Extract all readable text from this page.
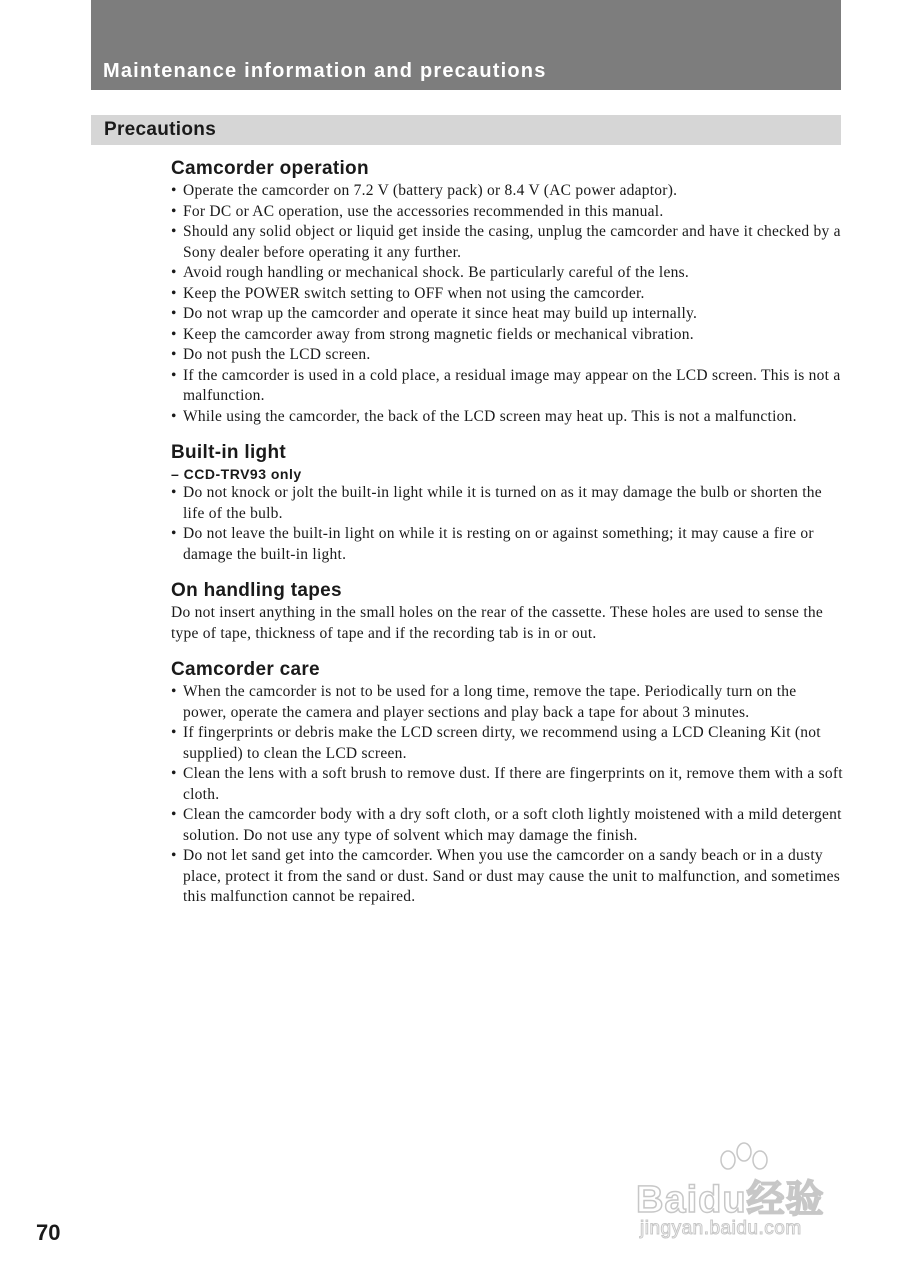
Maintenance information and precautions
Precautions
Camcorder operation
• Operate the camcorder on 7.2 V (battery pack) or 8.4 V (AC power adaptor).
• For DC or AC operation, use the accessories recommended in this manual.
• Should any solid object or liquid get inside the casing, unplug the camcorder and have it checked by a Sony dealer before operating it any further.
• Avoid rough handling or mechanical shock. Be particularly careful of the lens.
• Keep the POWER switch setting to OFF when not using the camcorder.
• Do not wrap up the camcorder and operate it since heat may build up internally.
• Keep the camcorder away from strong magnetic fields or mechanical vibration.
• Do not push the LCD screen.
• If the camcorder is used in a cold place, a residual image may appear on the LCD screen. This is not a malfunction.
• While using the camcorder, the back of the LCD screen may heat up. This is not a malfunction.
Built-in light
– CCD-TRV93 only
• Do not knock or jolt the built-in light while it is turned on as it may damage the bulb or shorten the life of the bulb.
• Do not leave the built-in light on while it is resting on or against something; it may cause a fire or damage the built-in light.
On handling tapes

Do not insert anything in the small holes on the rear of the cassette. These holes are used to sense the type of tape, thickness of tape and if the recording tab is in or out.

Camcorder care
• When the camcorder is not to be used for a long time, remove the tape. Periodically turn on the power, operate the camera and player sections and play back a tape for about 3 minutes.
• If fingerprints or debris make the LCD screen dirty, we recommend using a LCD Cleaning Kit (not supplied) to clean the LCD screen.
• Clean the lens with a soft brush to remove dust. If there are fingerprints on it, remove them with a soft cloth.
• Clean the camcorder body with a dry soft cloth, or a soft cloth lightly moistened with a mild detergent solution. Do not use any type of solvent which may damage the finish.
• Do not let sand get into the camcorder. When you use the camcorder on a sandy beach or in a dusty place, protect it from the sand or dust. Sand or dust may cause the unit to malfunction, and sometimes this malfunction cannot be repaired.
70
Baidu经验
jingyan.baidu.com
